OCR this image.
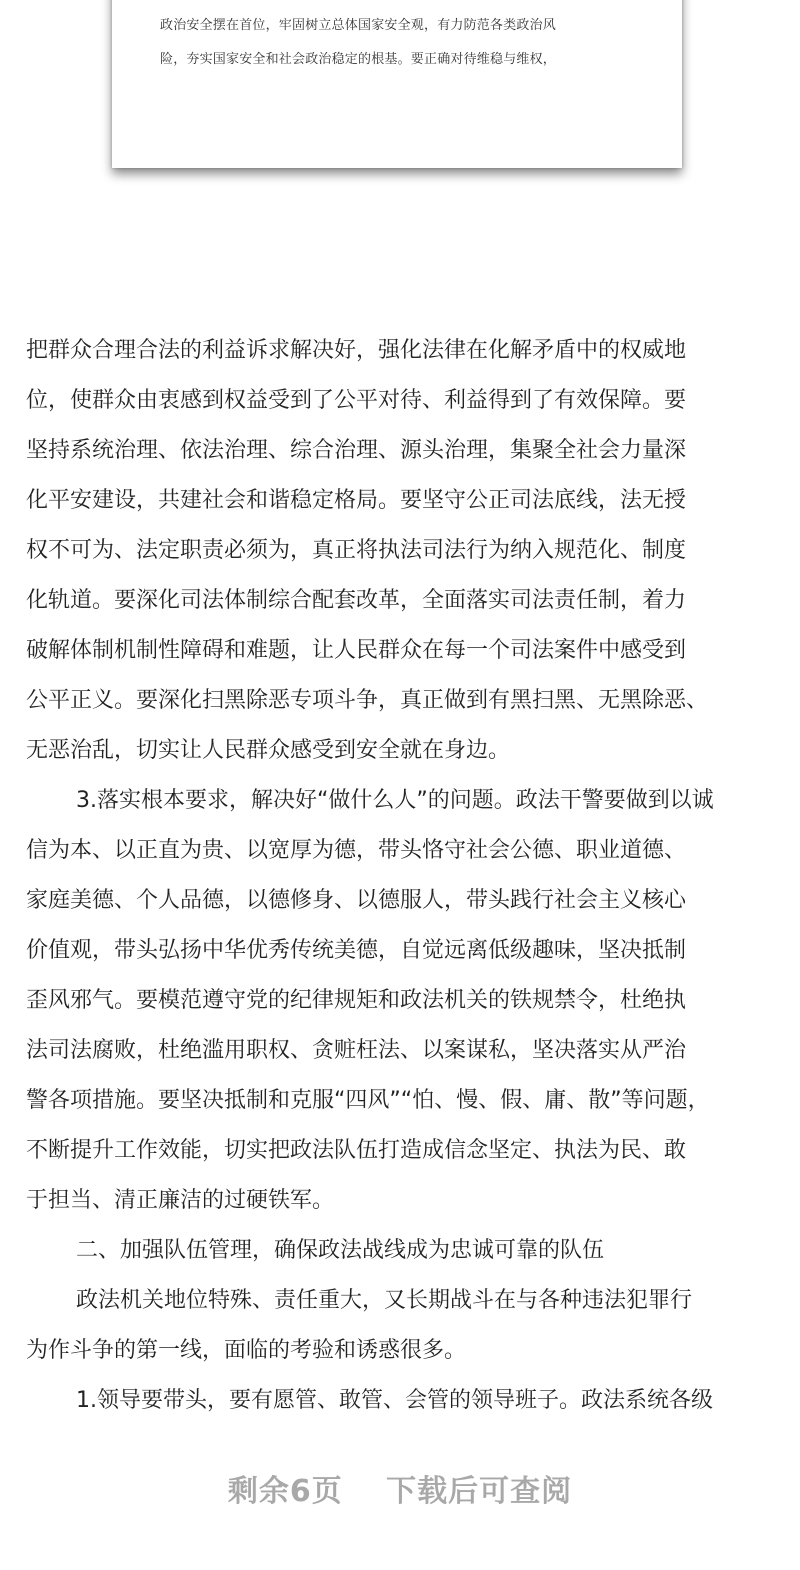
政治安全摆在首位，牢固树立总体国家安全观，有力防范各类政治风
险，夯实国家安全和社会政治稳定的根基。要正确对待维稳与维权，
把群众合理合法的利益诉求解决好，强化法律在化解矛盾中的权威地
位，使群众由衷感到权益受到了公平对待、利益得到了有效保障。要
坚持系统治理、依法治理、综合治理、源头治理，集聚全社会力量深
化平安建设，共建社会和谐稳定格局。要坚守公正司法底线，法无授
权不可为、法定职责必须为，真正将执法司法行为纳入规范化、制度
化轨道。要深化司法体制综合配套改革，全面落实司法责任制，着力
破解体制机制性障碍和难题，让人民群众在每一个司法案件中感受到
公平正义。要深化扫黑除恶专项斗争，真正做到有黑扫黑、无黑除恶、
无恶治乱，切实让人民群众感受到安全就在身边。
3.落实根本要求，解决好“做什么人”的问题。政法干警要做到以诚
信为本、以正直为贵、以宽厚为德，带头恪守社会公德、职业道德、
家庭美德、个人品德，以德修身、以德服人，带头践行社会主义核心
价值观，带头弘扬中华优秀传统美德，自觉远离低级趣味，坚决抵制
歪风邪气。要模范遵守党的纪律规矩和政法机关的铁规禁令，杜绝执
法司法腐败，杜绝滥用职权、贪赃枉法、以案谋私，坚决落实从严治
警各项措施。要坚决抵制和克服“四风”“怕、慢、假、庸、散”等问题，
不断提升工作效能，切实把政法队伍打造成信念坚定、执法为民、敢
于担当、清正廉洁的过硬铁军。
二、加强队伍管理，确保政法战线成为忠诚可靠的队伍
政法机关地位特殊、责任重大，又长期战斗在与各种违法犯罪行
为作斗争的第一线，面临的考验和诱惑很多。
1.领导要带头，要有愿管、敢管、会管的领导班子。政法系统各级
剩余6页 下载后可查阅
